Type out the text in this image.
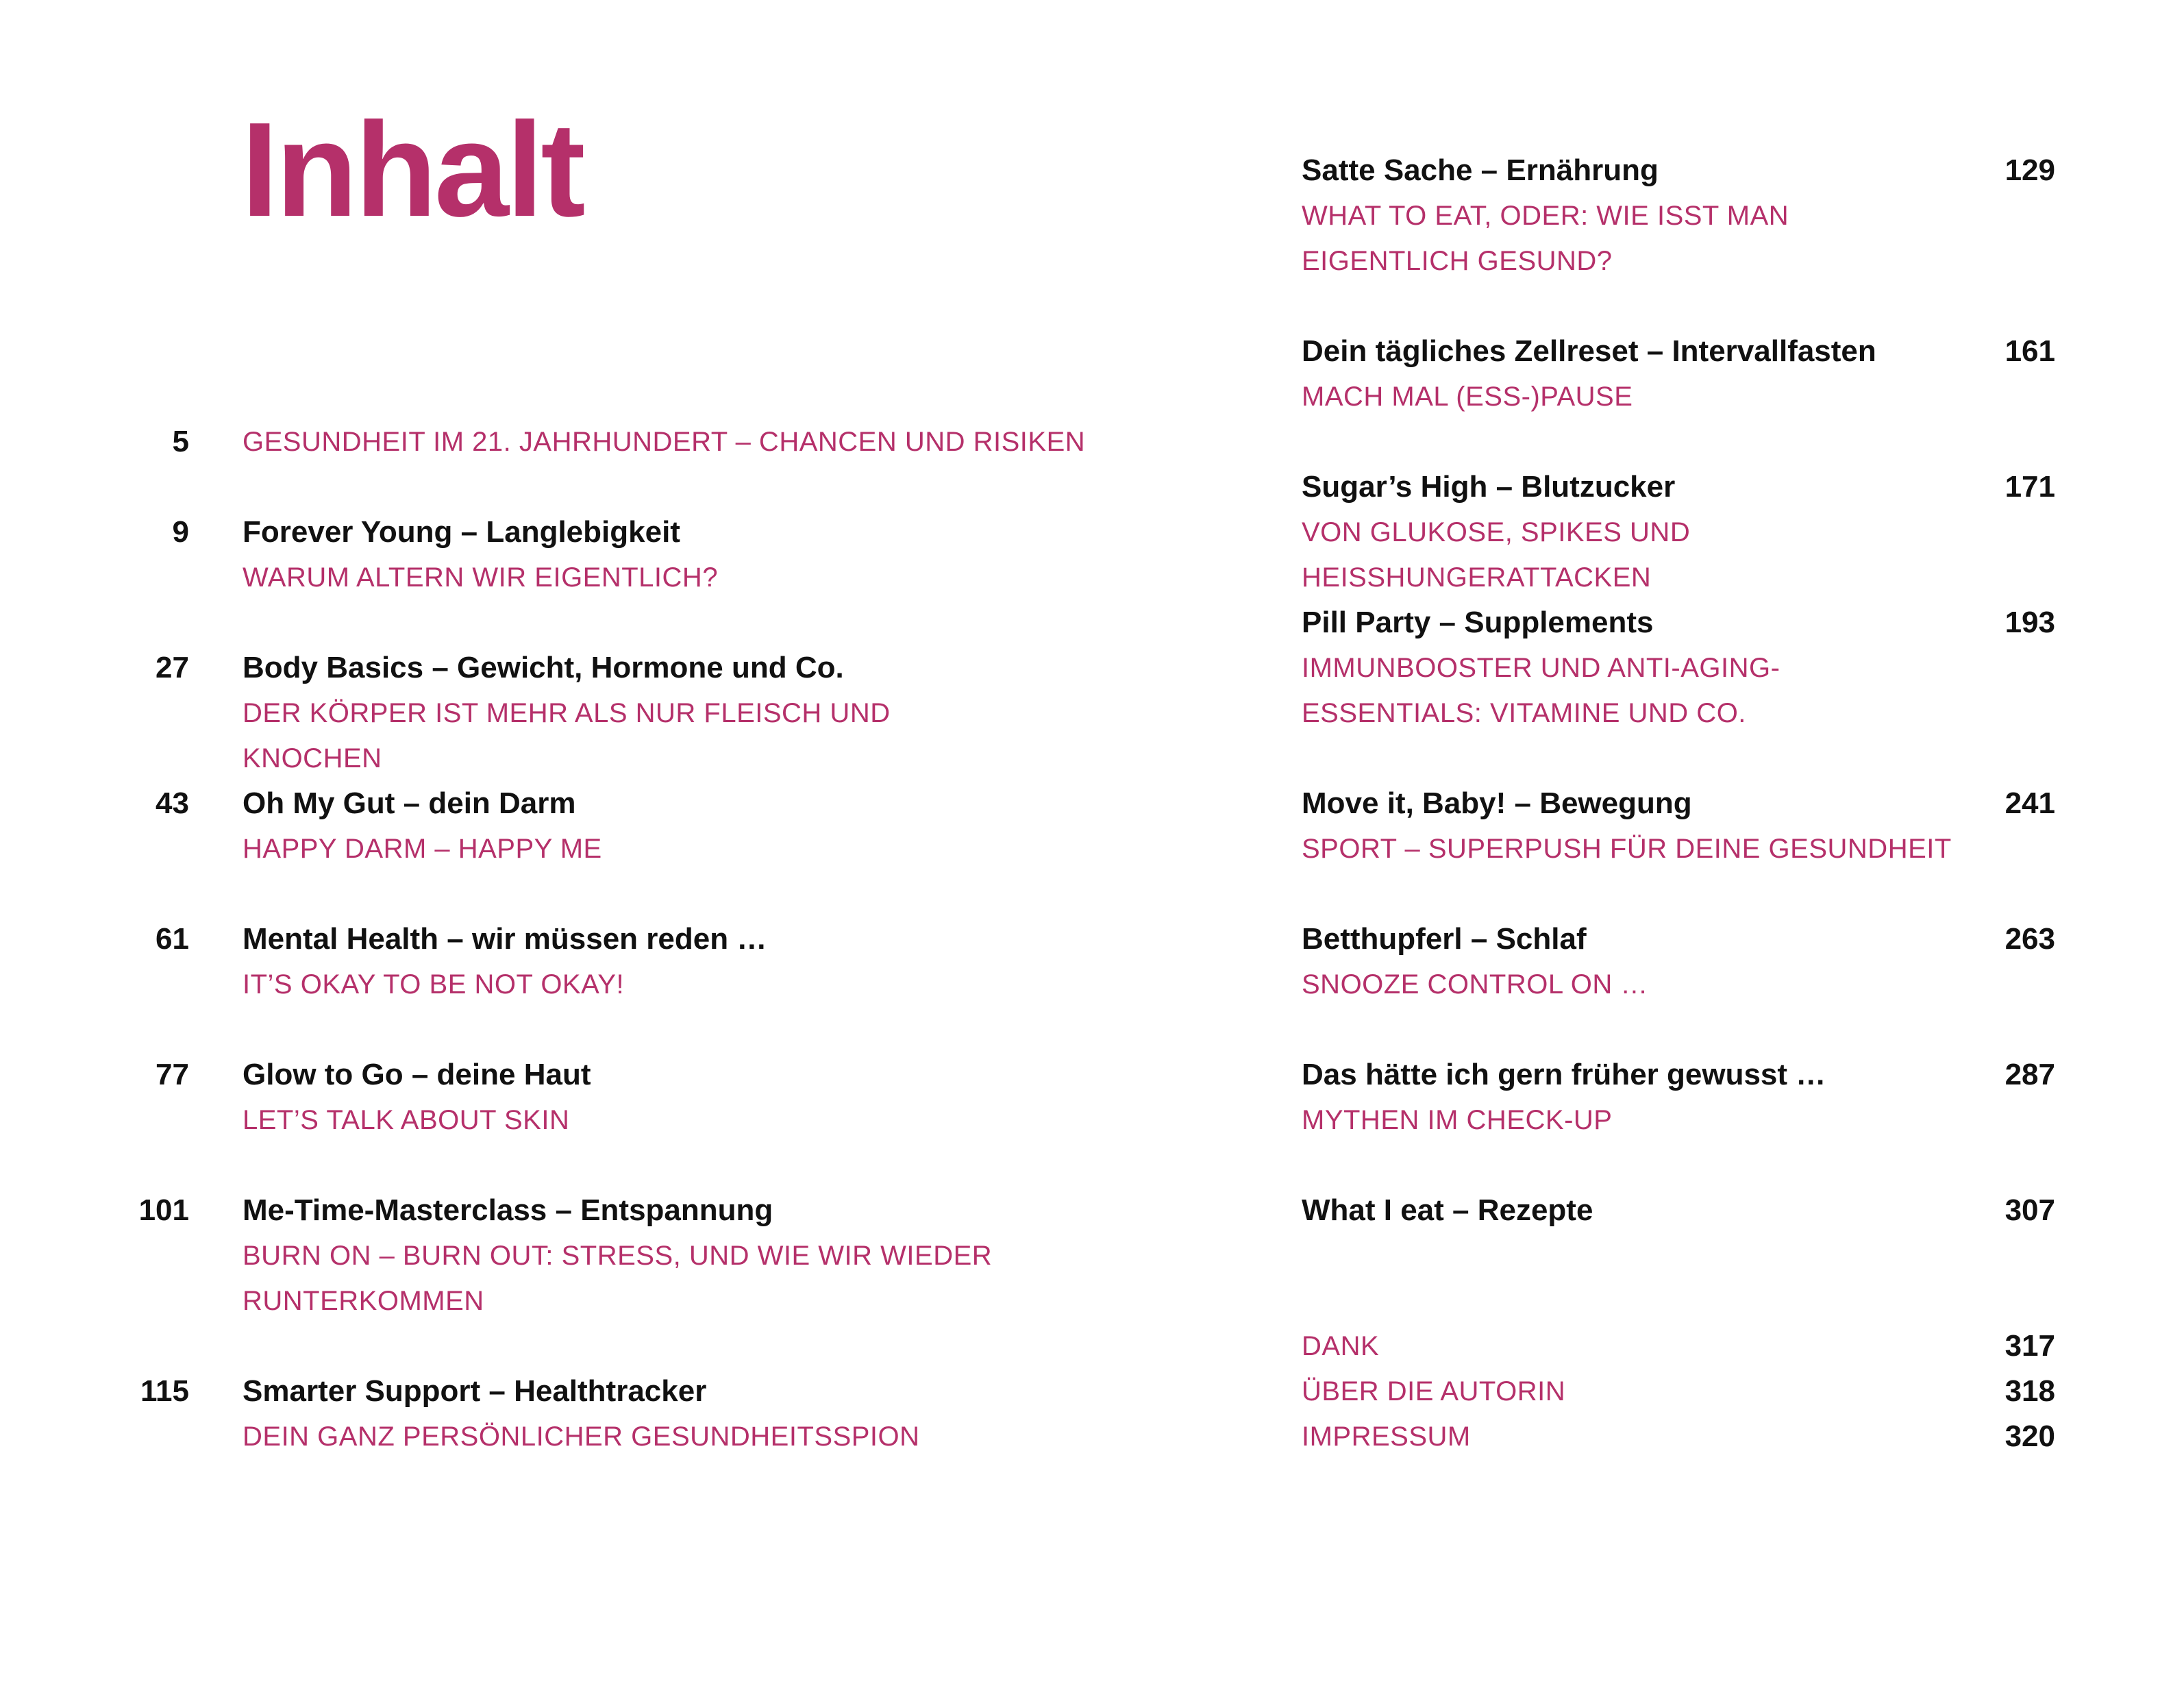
Inhalt
5 GESUNDHEIT IM 21. JAHRHUNDERT – CHANCEN UND RISIKEN
9 Forever Young – Langlebigkeit
WARUM ALTERN WIR EIGENTLICH?
27 Body Basics – Gewicht, Hormone und Co.
DER KÖRPER IST MEHR ALS NUR FLEISCH UND KNOCHEN
43 Oh My Gut – dein Darm
HAPPY DARM – HAPPY ME
61 Mental Health – wir müssen reden …
IT’S OKAY TO BE NOT OKAY!
77 Glow to Go – deine Haut
LET’S TALK ABOUT SKIN
101 Me-Time-Masterclass – Entspannung
BURN ON – BURN OUT: STRESS, UND WIE WIR WIEDER RUNTERKOMMEN
115 Smarter Support – Healthtracker
DEIN GANZ PERSÖNLICHER GESUNDHEITSSPION
Satte Sache – Ernährung	129
WHAT TO EAT, ODER: WIE ISST MAN EIGENTLICH GESUND?
Dein tägliches Zellreset – Intervallfasten	161
MACH MAL (ESS-)PAUSE
Sugar’s High – Blutzucker	171
VON GLUKOSE, SPIKES UND HEISSHUNGERATTACKEN
Pill Party – Supplements	193
IMMUNBOOSTER UND ANTI-AGING-ESSENTIALS: VITAMINE UND CO.
Move it, Baby! – Bewegung	241
SPORT – SUPERPUSH FÜR DEINE GESUNDHEIT
Betthupferl – Schlaf	263
SNOOZE CONTROL ON …
Das hätte ich gern früher gewusst …	287
MYTHEN IM CHECK-UP
What I eat – Rezepte	307
DANK	317
ÜBER DIE AUTORIN	318
IMPRESSUM	320
